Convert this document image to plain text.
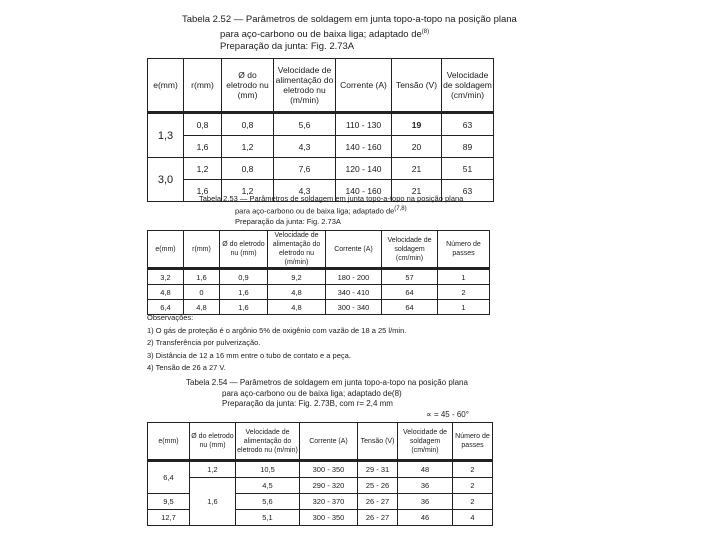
Tabela 2.52 — Parâmetros de soldagem em junta topo-a-topo na posição plana
para aço-carbono ou de baixa liga; adaptado $de^{(8)}$
Preparação da junta: Fig. 2.73A
e(mm)	r(mm)	Ø do eletrodo nu (mm)	Velocidade de alimentação do eletrodo nu (m/min)	Corrente (A)	Tensão (V)	Velocidade de soldagem (cm/min)
1,3	0,8	0,8	5,6	110 - 130	19	63
	1,6	1,2	4,3	140 - 160	20	89
3,0	1,2	0,8	7,6	120 - 140	21	51
	1,6	1,2	4,3	140 - 160	21	63
Tabela 2.53 — Parâmetros de soldagem em junta topo-a-topo na posição plana
para aço-carbono ou de baixa liga; adaptado de$^{(7,8)}$
Preparação da junta: Fig. 2.73A
e(mm)	r(mm)	Ø do eletrodo nu (mm)	Velocidade de alimentação do eletrodo nu (m/min)	Corrente (A)	Velocidade de soldagem (cm/min)	Número de passes
3,2	1,6	0,9	9,2	180 - 200	57	1
4,8	0	1,6	4,8	340 - 410	64	2
6,4	4,8	1,6	4,8	300 - 340	64	1
Observações:
1) O gás de proteção é o argônio 5% de oxigênio com vazão de 18 a 25 l/min.
2) Transferência por pulverização.
3) Distância de 12 a 16 mm entre o tubo de contato e a peça.
4) Tensão de 26 a 27 V.
Tabela 2.54 — Parâmetros de soldagem em junta topo-a-topo na posição plana
para aço-carbono ou de baixa liga; adaptado de(8)
Preparação da junta: Fig. 2.73B, com r= 2,4 mm
∝ = 45 - 60°
e(mm)	Ø do eletrodo nu (mm)	Velocidade de alimentação do eletrodo nu (m/min)	Corrente (A)	Tensão (V)	Velocidade de soldagem (cm/min)	Número de passes
6,4	1,2	10,5	300 - 350	29 - 31	48	2
	1,6	4,5	290 - 320	25 - 26	36	2
9,5		5,6	320 - 370	26 - 27	36	2
12,7		5,1	300 - 350	26 - 27	46	4
